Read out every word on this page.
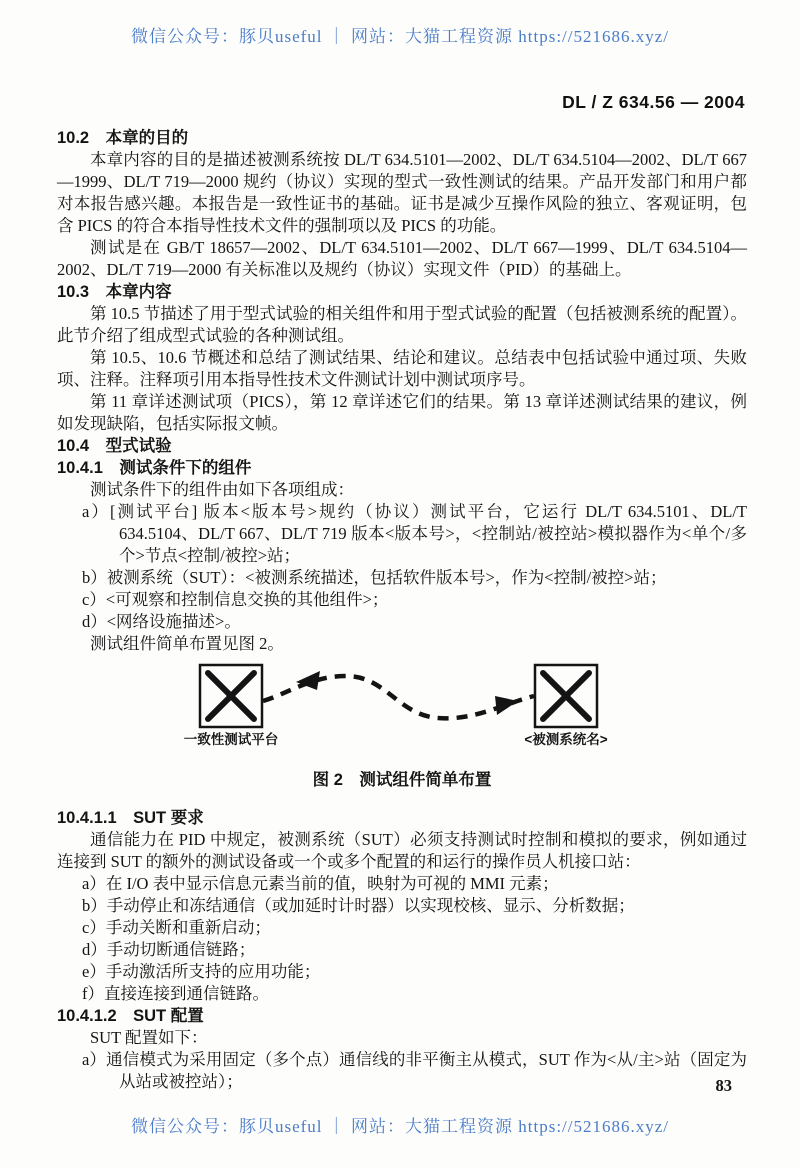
微信公众号：豚贝useful ｜ 网站：大猫工程资源 https://521686.xyz/
DL / Z 634.56 — 2004
10.2　本章的目的
本章内容的目的是描述被测系统按 DL/T 634.5101—2002、DL/T 634.5104—2002、DL/T 667—1999、DL/T 719—2000 规约（协议）实现的型式一致性测试的结果。产品开发部门和用户都对本报告感兴趣。本报告是一致性证书的基础。证书是减少互操作风险的独立、客观证明，包含 PICS 的符合本指导性技术文件的强制项以及 PICS 的功能。
测试是在 GB/T 18657—2002、DL/T 634.5101—2002、DL/T 667—1999、DL/T 634.5104—2002、DL/T 719—2000 有关标准以及规约（协议）实现文件（PID）的基础上。
10.3　本章内容
第 10.5 节描述了用于型式试验的相关组件和用于型式试验的配置（包括被测系统的配置）。此节介绍了组成型式试验的各种测试组。
第 10.5、10.6 节概述和总结了测试结果、结论和建议。总结表中包括试验中通过项、失败项、注释。注释项引用本指导性技术文件测试计划中测试项序号。
第 11 章详述测试项（PICS），第 12 章详述它们的结果。第 13 章详述测试结果的建议，例如发现缺陷，包括实际报文帧。
10.4　型式试验
10.4.1　测试条件下的组件
测试条件下的组件由如下各项组成：
a）[测试平台] 版本<版本号>规约（协议）测试平台，它运行 DL/T 634.5101、DL/T 634.5104、DL/T 667、DL/T 719 版本<版本号>，<控制站/被控站>模拟器作为<单个/多个>节点<控制/被控>站；
b）被测系统（SUT）：<被测系统描述，包括软件版本号>，作为<控制/被控>站；
c）<可观察和控制信息交换的其他组件>；
d）<网络设施描述>。
测试组件简单布置见图 2。
一致性测试平台	<被测系统名>
图 2　测试组件简单布置
10.4.1.1　SUT 要求
通信能力在 PID 中规定，被测系统（SUT）必须支持测试时控制和模拟的要求，例如通过连接到 SUT 的额外的测试设备或一个或多个配置的和运行的操作员人机接口站：
a）在 I/O 表中显示信息元素当前的值，映射为可视的 MMI 元素；
b）手动停止和冻结通信（或加延时计时器）以实现校核、显示、分析数据；
c）手动关断和重新启动；
d）手动切断通信链路；
e）手动激活所支持的应用功能；
f）直接连接到通信链路。
10.4.1.2　SUT 配置
SUT 配置如下：
a）通信模式为采用固定（多个点）通信线的非平衡主从模式，SUT 作为<从/主>站（固定为从站或被控站）；	83
微信公众号：豚贝useful ｜ 网站：大猫工程资源 https://521686.xyz/
